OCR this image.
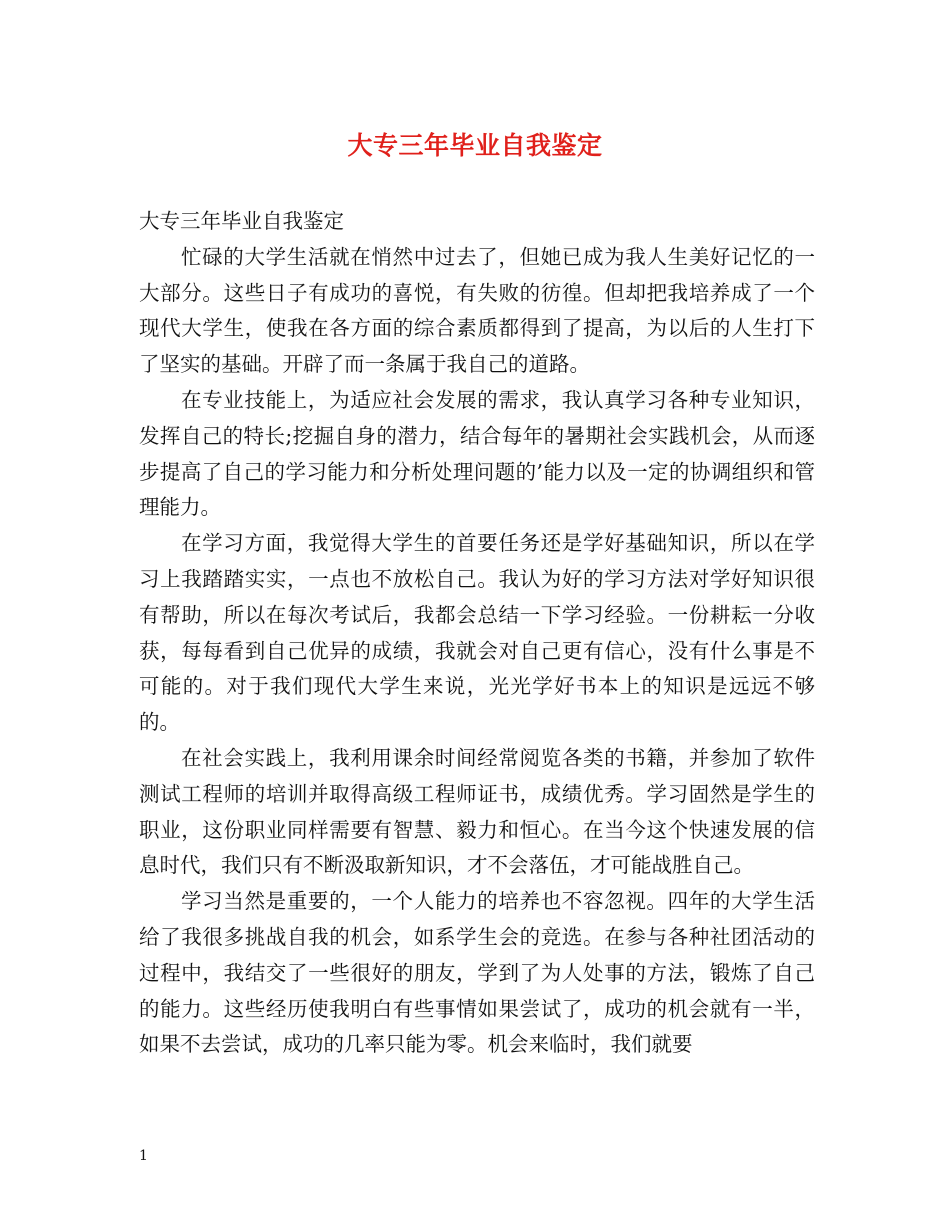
大专三年毕业自我鉴定

大专三年毕业自我鉴定

忙碌的大学生活就在悄然中过去了，但她已成为我人生美好记忆的一大部分。这些日子有成功的喜悦，有失败的彷徨。但却把我培养成了一个现代大学生，使我在各方面的综合素质都得到了提高，为以后的人生打下了坚实的基础。开辟了而一条属于我自己的道路。

在专业技能上，为适应社会发展的需求，我认真学习各种专业知识，发挥自己的特长;挖掘自身的潜力，结合每年的暑期社会实践机会，从而逐步提高了自己的学习能力和分析处理问题的’能力以及一定的协调组织和管理能力。

在学习方面，我觉得大学生的首要任务还是学好基础知识，所以在学习上我踏踏实实，一点也不放松自己。我认为好的学习方法对学好知识很有帮助，所以在每次考试后，我都会总结一下学习经验。一份耕耘一分收获，每每看到自己优异的成绩，我就会对自己更有信心，没有什么事是不可能的。对于我们现代大学生来说，光光学好书本上的知识是远远不够的。

在社会实践上，我利用课余时间经常阅览各类的书籍，并参加了软件测试工程师的培训并取得高级工程师证书，成绩优秀。学习固然是学生的职业，这份职业同样需要有智慧、毅力和恒心。在当今这个快速发展的信息时代，我们只有不断汲取新知识，才不会落伍，才可能战胜自己。

学习当然是重要的，一个人能力的培养也不容忽视。四年的大学生活给了我很多挑战自我的机会，如系学生会的竞选。在参与各种社团活动的过程中，我结交了一些很好的朋友，学到了为人处事的方法，锻炼了自己的能力。这些经历使我明白有些事情如果尝试了，成功的机会就有一半，如果不去尝试，成功的几率只能为零。机会来临时，我们就要

1
